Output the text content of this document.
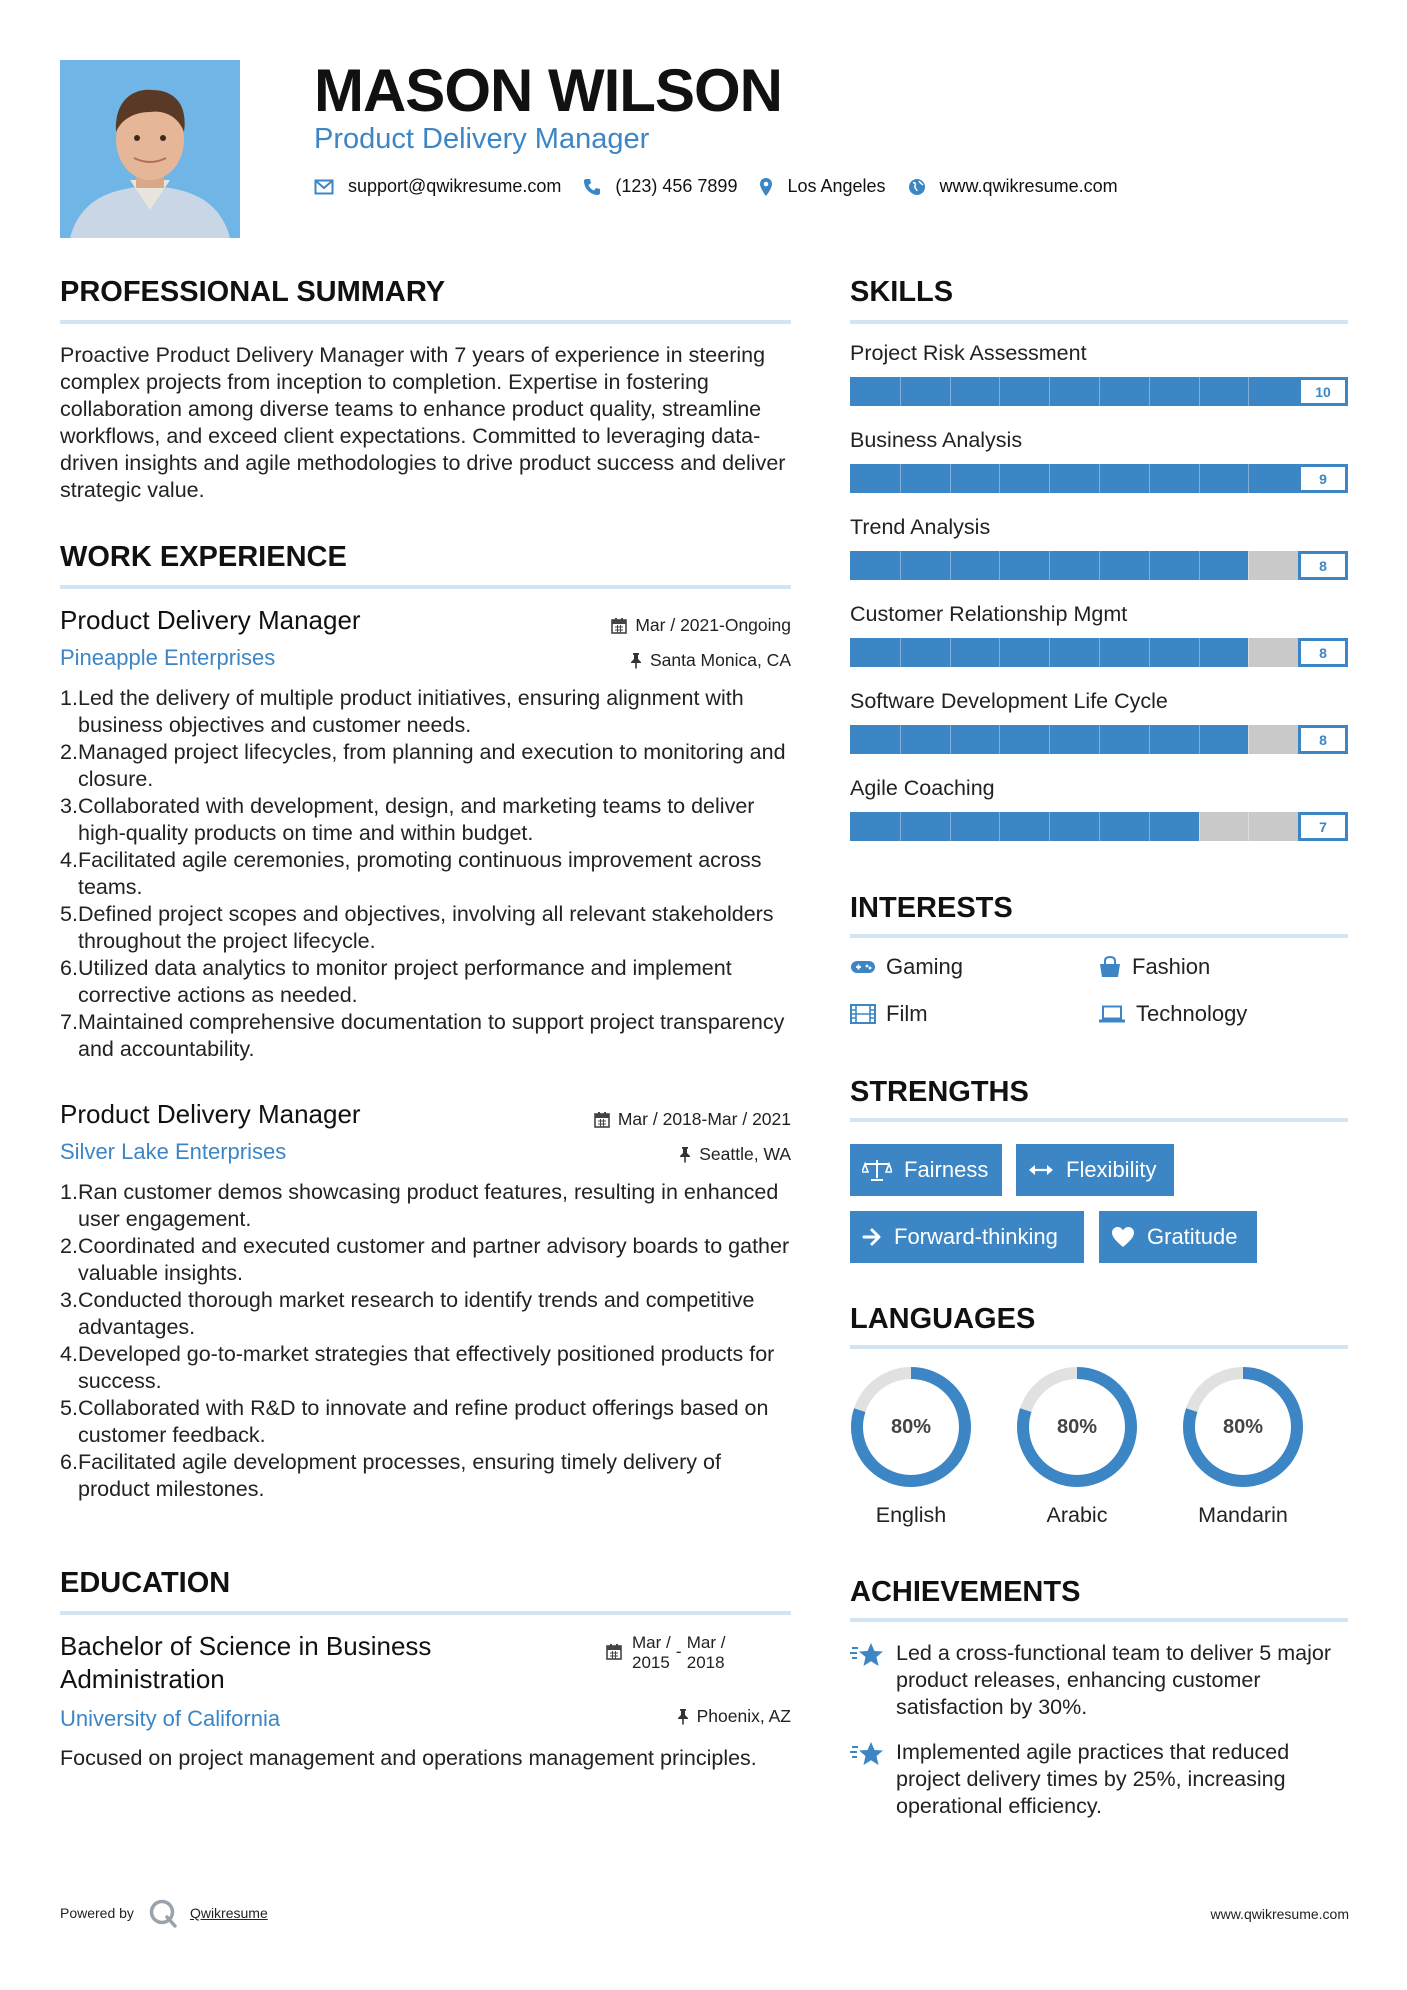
MASON WILSON
Product Delivery Manager
support@qwikresume.com	(123) 456 7899	Los Angeles	www.qwikresume.com
PROFESSIONAL SUMMARY

Proactive Product Delivery Manager with 7 years of experience in steering complex projects from inception to completion. Expertise in fostering collaboration among diverse teams to enhance product quality, streamline workflows, and exceed client expectations. Committed to leveraging data-driven insights and agile methodologies to drive product success and deliver strategic value.

WORK EXPERIENCE
Product Delivery Manager	Mar / 2021-Ongoing
Pineapple Enterprises	Santa Monica, CA
1. Led the delivery of multiple product initiatives, ensuring alignment with business objectives and customer needs.
2. Managed project lifecycles, from planning and execution to monitoring and closure.
3. Collaborated with development, design, and marketing teams to deliver high-quality products on time and within budget.
4. Facilitated agile ceremonies, promoting continuous improvement across teams.
5. Defined project scopes and objectives, involving all relevant stakeholders throughout the project lifecycle.
6. Utilized data analytics to monitor project performance and implement corrective actions as needed.
7. Maintained comprehensive documentation to support project transparency and accountability.
Product Delivery Manager	Mar / 2018-Mar / 2021
Silver Lake Enterprises	Seattle, WA
1. Ran customer demos showcasing product features, resulting in enhanced user engagement.
2. Coordinated and executed customer and partner advisory boards to gather valuable insights.
3. Conducted thorough market research to identify trends and competitive advantages.
4. Developed go-to-market strategies that effectively positioned products for success.
5. Collaborated with R&D to innovate and refine product offerings based on customer feedback.
6. Facilitated agile development processes, ensuring timely delivery of product milestones.
EDUCATION
Bachelor of Science in Business Administration
Mar /
2015
- Mar /
2018
University of California	Phoenix, AZ

Focused on project management and operations management principles.

SKILLS
Project Risk Assessment
10
Business Analysis
9
Trend Analysis
8
Customer Relationship Mgmt
8
Software Development Life Cycle
8
Agile Coaching
7
INTERESTS
Gaming	Fashion
Film	Technology
STRENGTHS
Fairness	Flexibility
Forward-thinking	Gratitude
LANGUAGES
80%
English
80%
Arabic
80%
Mandarin
ACHIEVEMENTS
Led a cross-functional team to deliver 5 major product releases, enhancing customer satisfaction by 30%.
Implemented agile practices that reduced project delivery times by 25%, increasing operational efficiency.
Powered by	Qwikresume	www.qwikresume.com
